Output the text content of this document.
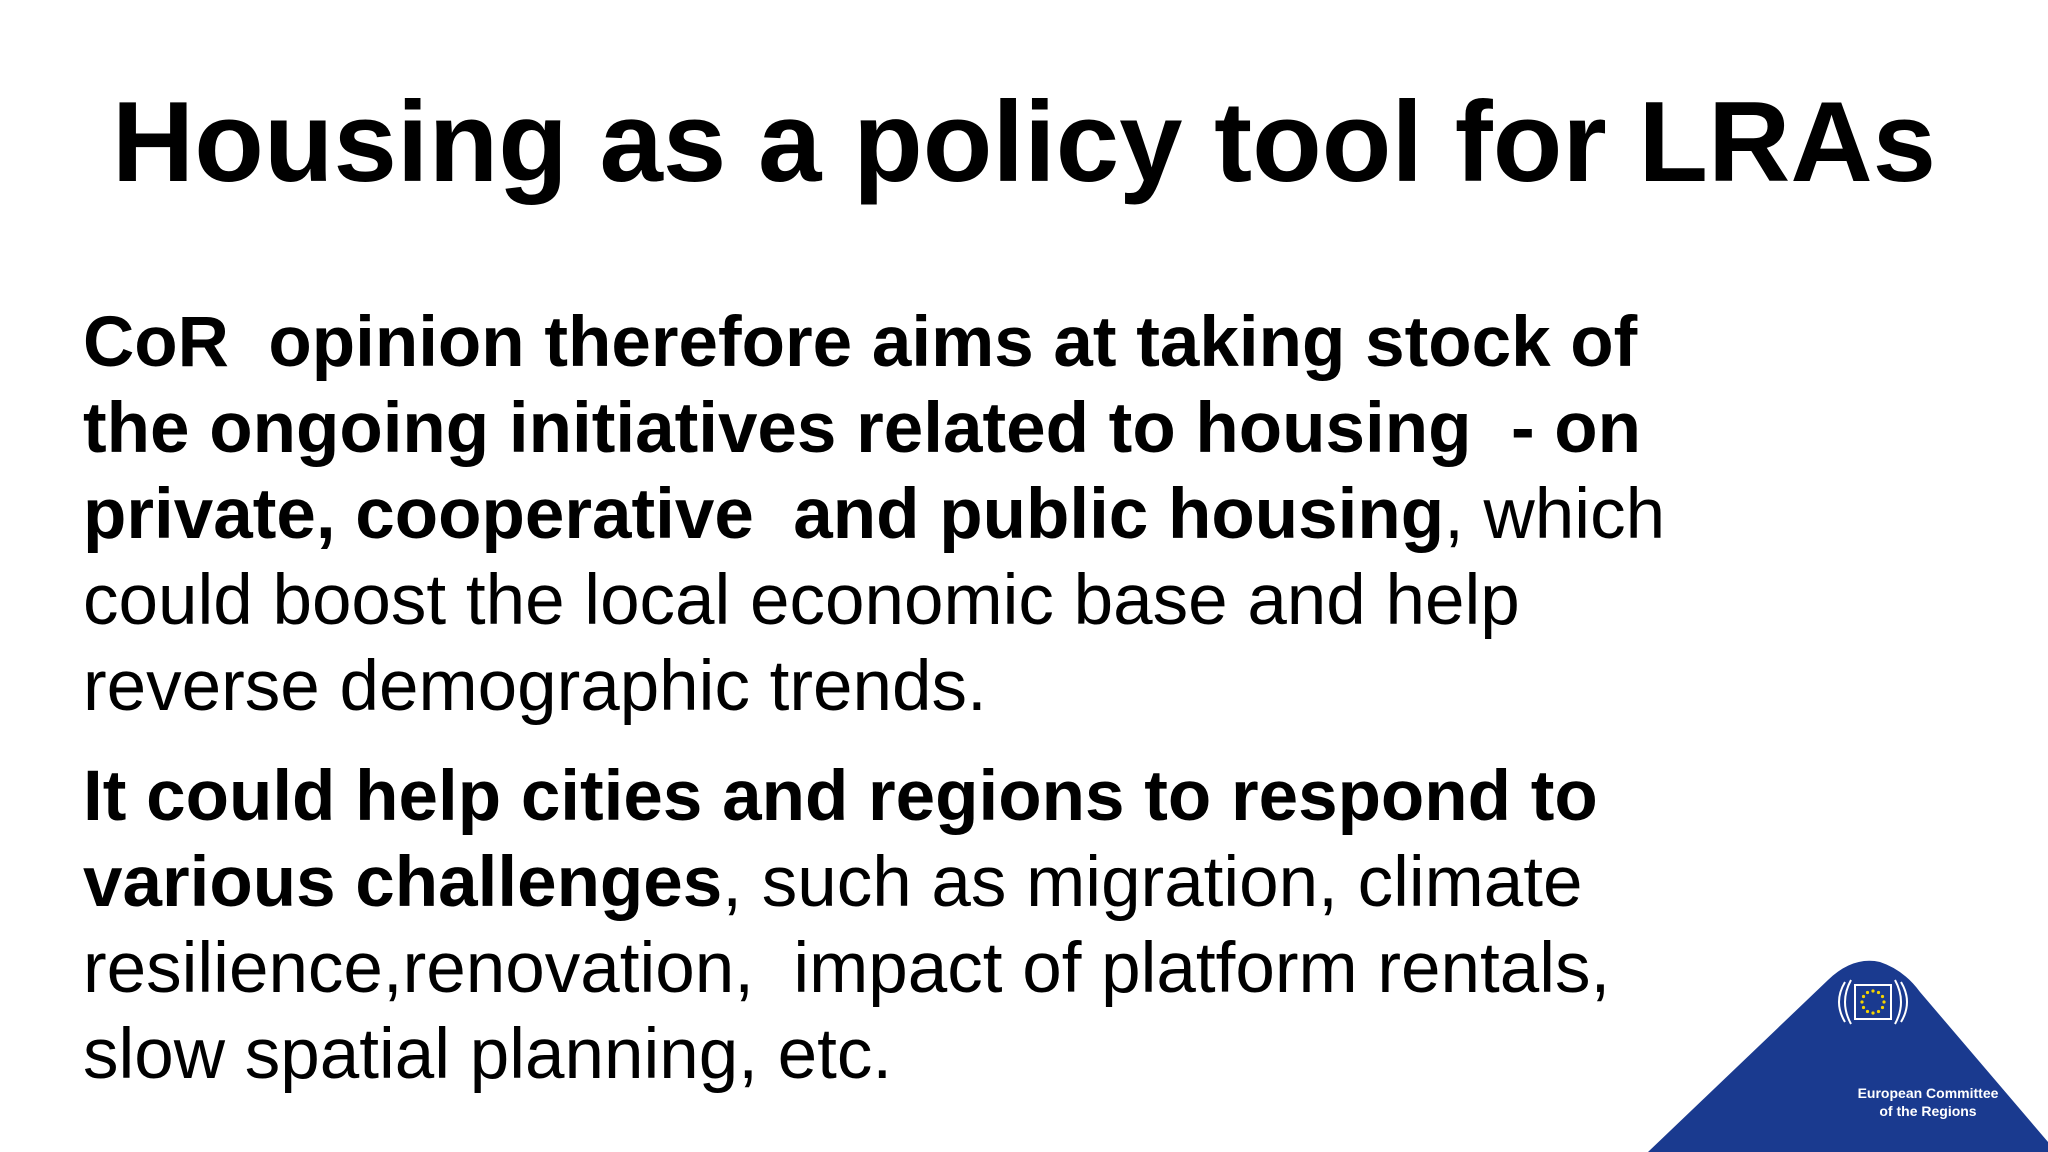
Housing as a policy tool for LRAs

CoR  opinion therefore aims at taking stock of
the ongoing initiatives related to housing  - on
private, cooperative  and public housing, which
could boost the local economic base and help
reverse demographic trends.

It could help cities and regions to respond to
various challenges, such as migration, climate
resilience,renovation,  impact of platform rentals,
slow spatial planning, etc.	European Committee
of the Regions
